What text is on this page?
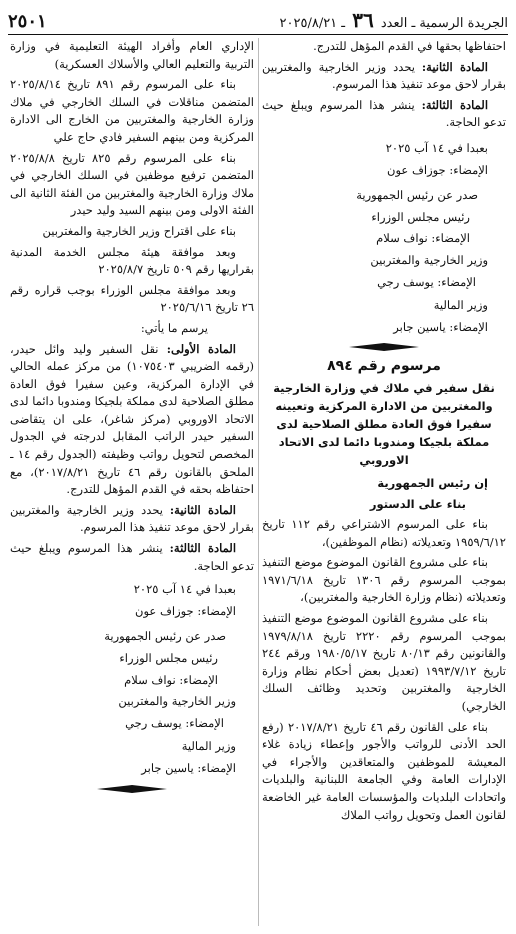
الجريدة الرسمية ـ العدد ٣٦ ـ ٢٠٢٥/٨/٢١
٢٥٠١

احتفاظها بحقها في القدم المؤهل للتدرج.

المادة الثانية: يحدد وزير الخارجية والمغتربين بقرار لاحق موعد تنفيذ هذا المرسوم.

المادة الثالثة: ينشر هذا المرسوم ويبلغ حيث تدعو الحاجة.

بعبدا في ١٤ آب ٢٠٢٥

الإمضاء: جوزاف عون

صدر عن رئيس الجمهورية

رئيس مجلس الوزراء

الإمضاء: نواف سلام

وزير الخارجية والمغتربين

الإمضاء: يوسف رجي

وزير المالية

الإمضاء: ياسين جابر

مرسوم رقم ٨٩٤
نقل سفير في ملاك في وزارة الخارجية والمغتربين من الادارة المركزية وتعيينه سفيرا فوق العادة مطلق الصلاحية لدى مملكة بلجيكا ومندوبا دائما لدى الاتحاد الاوروبي

إن رئيس الجمهورية

بناء على الدستور

بناء على المرسوم الاشتراعي رقم ١١٢ تاريخ ١٩٥٩/٦/١٢ وتعديلاته (نظام الموظفين)،

بناء على مشروع القانون الموضوع موضع التنفيذ بموجب المرسوم رقم ١٣٠٦ تاريخ ١٩٧١/٦/١٨ وتعديلاته (نظام وزارة الخارجية والمغتربين)،

بناء على مشروع القانون الموضوع موضع التنفيذ بموجب المرسوم رقم ٢٢٢٠ تاريخ ١٩٧٩/٨/١٨ والقانونين رقم ٨٠/١٣ تاريخ ١٩٨٠/٥/١٧ ورقم ٢٤٤ تاريخ ١٩٩٣/٧/١٢ (تعديل بعض أحكام نظام وزارة الخارجية والمغتربين وتحديد وظائف السلك الخارجي)

بناء على القانون رقم ٤٦ تاريخ ٢٠١٧/٨/٢١ (رفع الحد الأدنى للرواتب والأجور وإعطاء زيادة غلاء المعيشة للموظفين والمتعاقدين والأجراء في الإدارات العامة وفي الجامعة اللبنانية والبلديات واتحادات البلديات والمؤسسات العامة غير الخاضعة لقانون العمل وتحويل رواتب الملاك

الإداري العام وأفراد الهيئة التعليمية في وزارة التربية والتعليم العالي والأسلاك العسكرية)

بناء على المرسوم رقم ٨٩١ تاريخ ٢٠٢٥/٨/١٤ المتضمن مناقلات في السلك الخارجي في ملاك وزارة الخارجية والمغتربين من الخارج الى الادارة المركزية ومن بينهم السفير فادي حاج علي

بناء على المرسوم رقم ٨٢٥ تاريخ ٢٠٢٥/٨/٨ المتضمن ترفيع موظفين في السلك الخارجي في ملاك وزارة الخارجية والمغتربين من الفئة الثانية الى الفئة الاولى ومن بينهم السيد وليد حيدر

بناء على اقتراح وزير الخارجية والمغتربين

وبعد موافقة هيئة مجلس الخدمة المدنية بقراريها رقم ٥٠٩ تاريخ ٢٠٢٥/٨/٧

وبعد موافقة مجلس الوزراء بوجب قراره رقم ٢٦ تاريخ ٢٠٢٥/٦/١٦

يرسم ما يأتي:

المادة الأولى: نقل السفير وليد وائل حيدر، (رقمه الضريبي ١٠٧٥٤٠٣) من مركز عمله الحالي في الإدارة المركزية، وعين سفيرا فوق العادة مطلق الصلاحية لدى مملكة بلجيكا ومندوبا دائما لدى الاتحاد الاوروبي (مركز شاغر)، على ان يتقاضى السفير حيدر الراتب المقابل لدرجته في الجدول المخصص لتحويل رواتب وظيفته (الجدول رقم ١٤ ـ الملحق بالقانون رقم ٤٦ تاريخ ٢٠١٧/٨/٢١)، مع احتفاظه بحقه في القدم المؤهل للتدرج.

المادة الثانية: يحدد وزير الخارجية والمغتربين بقرار لاحق موعد تنفيذ هذا المرسوم.

المادة الثالثة: ينشر هذا المرسوم ويبلغ حيث تدعو الحاجة.

بعبدا في ١٤ آب ٢٠٢٥

الإمضاء: جوزاف عون

صدر عن رئيس الجمهورية

رئيس مجلس الوزراء

الإمضاء: نواف سلام

وزير الخارجية والمغتربين

الإمضاء: يوسف رجي

وزير المالية

الإمضاء: ياسين جابر
